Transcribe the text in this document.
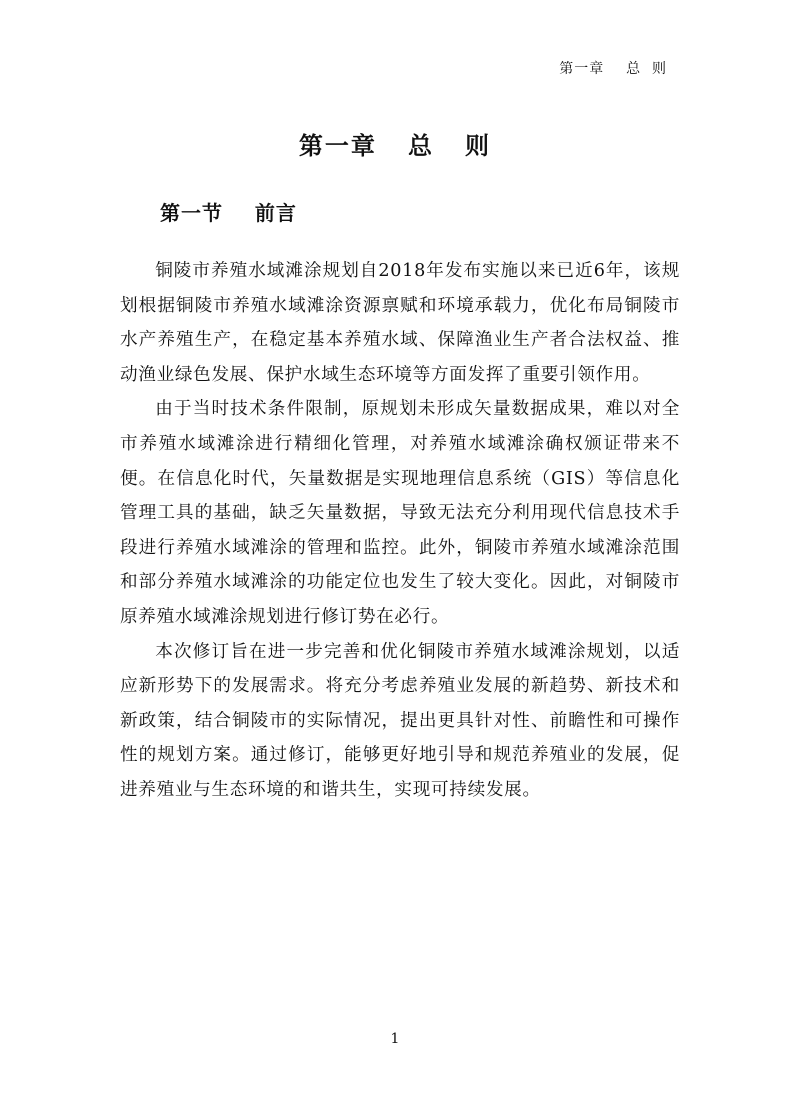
第一章    总  则
第一章   总   则
第一节    前言

铜陵市养殖水域滩涂规划自2018年发布实施以来已近6年，该规划根据铜陵市养殖水域滩涂资源禀赋和环境承载力，优化布局铜陵市水产养殖生产，在稳定基本养殖水域、保障渔业生产者合法权益、推动渔业绿色发展、保护水域生态环境等方面发挥了重要引领作用。

由于当时技术条件限制，原规划未形成矢量数据成果，难以对全市养殖水域滩涂进行精细化管理，对养殖水域滩涂确权颁证带来不便。在信息化时代，矢量数据是实现地理信息系统（GIS）等信息化管理工具的基础，缺乏矢量数据，导致无法充分利用现代信息技术手段进行养殖水域滩涂的管理和监控。此外，铜陵市养殖水域滩涂范围和部分养殖水域滩涂的功能定位也发生了较大变化。因此，对铜陵市原养殖水域滩涂规划进行修订势在必行。

本次修订旨在进一步完善和优化铜陵市养殖水域滩涂规划，以适应新形势下的发展需求。将充分考虑养殖业发展的新趋势、新技术和新政策，结合铜陵市的实际情况，提出更具针对性、前瞻性和可操作性的规划方案。通过修订，能够更好地引导和规范养殖业的发展，促进养殖业与生态环境的和谐共生，实现可持续发展。

1
